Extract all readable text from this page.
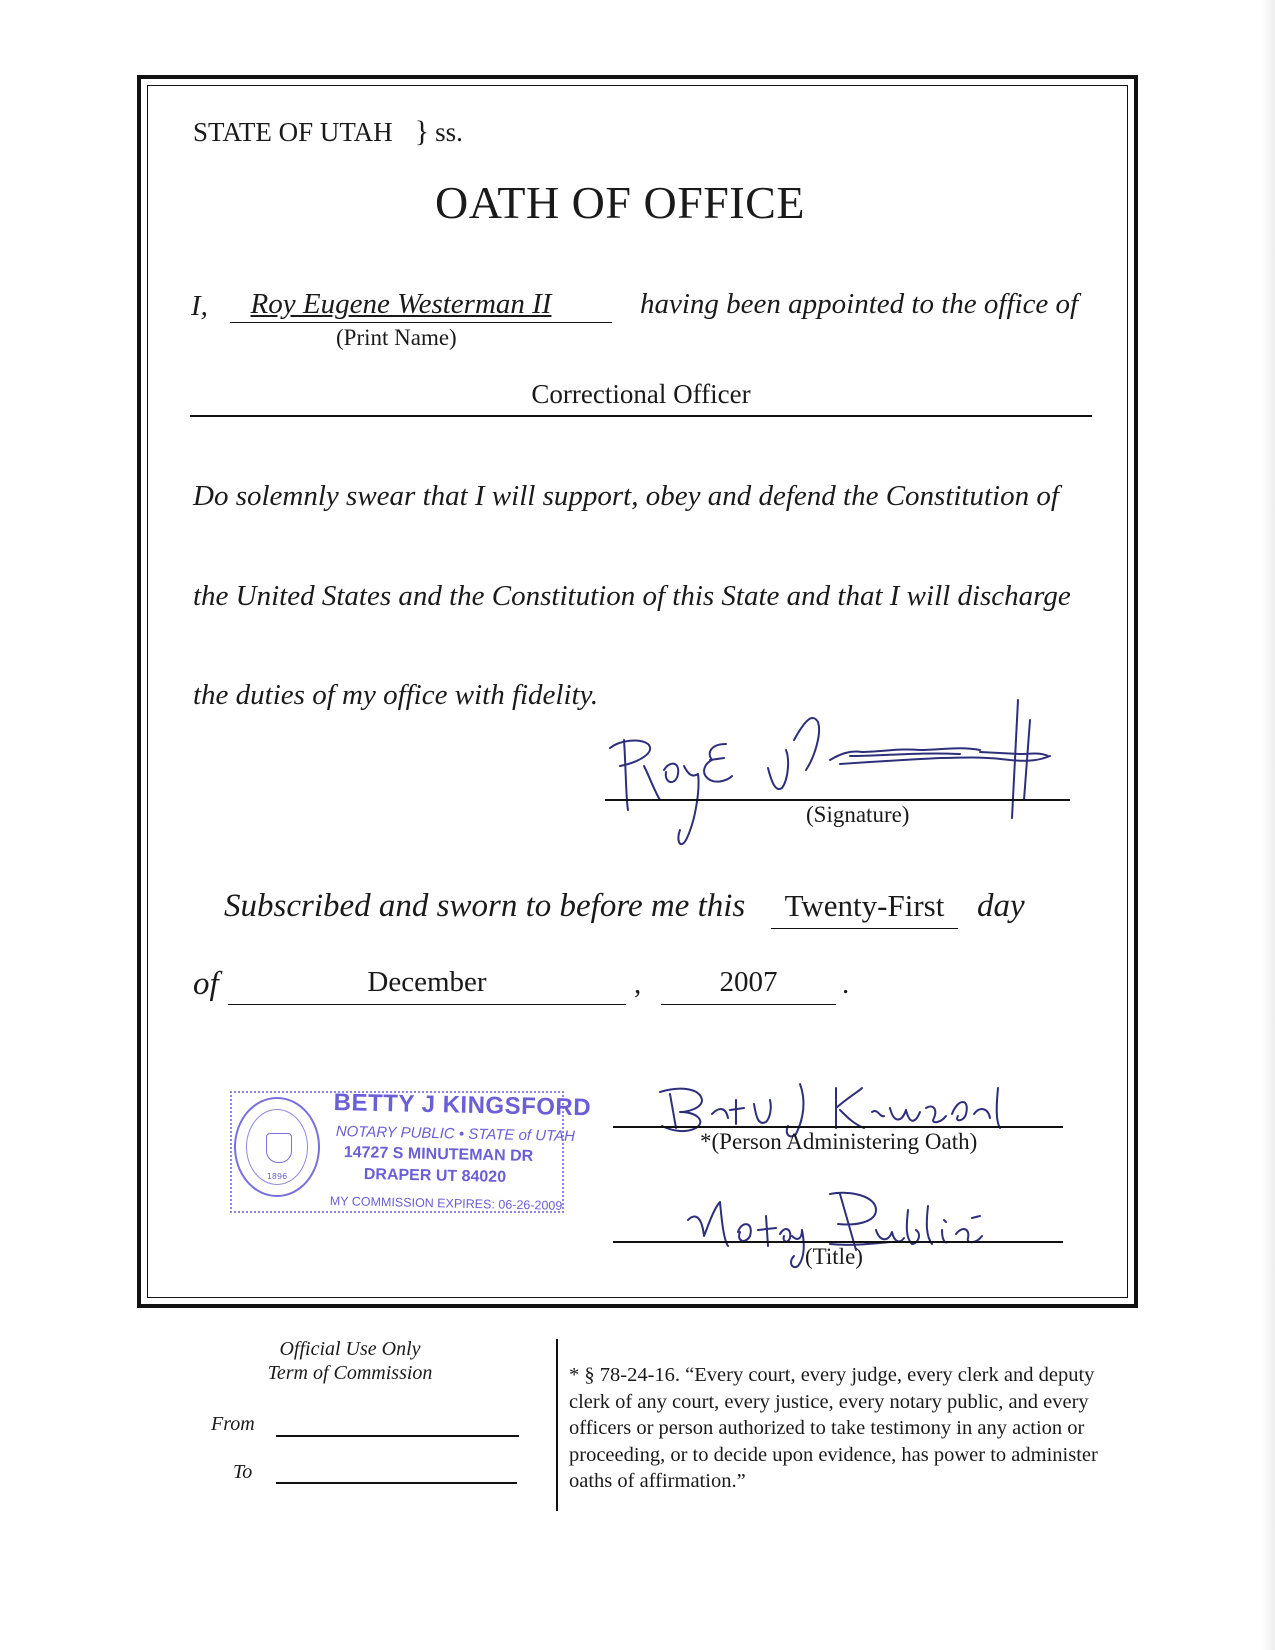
STATE OF UTAH } ss.
OATH OF OFFICE
I,	Roy Eugene Westerman II	having been appointed to the office of
(Print Name)
Correctional Officer
Do solemnly swear that I will support, obey and defend the Constitution of
the United States and the Constitution of this State and that I will discharge
the duties of my office with fidelity.
(Signature)
Subscribed and sworn to before me this	Twenty-First day
of	December	,	2007	.
1896
BETTY J KINGSFORD
NOTARY PUBLIC • STATE of UTAH
14727 S MINUTEMAN DR
DRAPER UT 84020
MY COMMISSION EXPIRES: 06-26-2009
*(Person Administering Oath)
(Title)
Official Use Only
Term of Commission
From
To
* § 78-24-16. “Every court, every judge, every clerk and deputy clerk of any court, every justice, every notary public, and every officers or person authorized to take testimony in any action or proceeding, or to decide upon evidence, has power to administer oaths of affirmation.”
